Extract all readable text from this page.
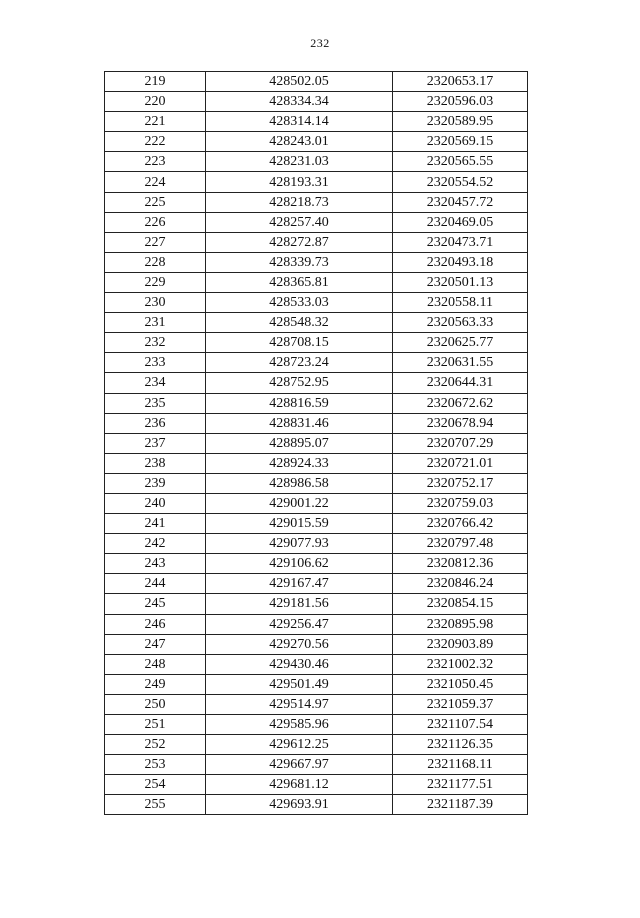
232
219	428502.05	2320653.17
220	428334.34	2320596.03
221	428314.14	2320589.95
222	428243.01	2320569.15
223	428231.03	2320565.55
224	428193.31	2320554.52
225	428218.73	2320457.72
226	428257.40	2320469.05
227	428272.87	2320473.71
228	428339.73	2320493.18
229	428365.81	2320501.13
230	428533.03	2320558.11
231	428548.32	2320563.33
232	428708.15	2320625.77
233	428723.24	2320631.55
234	428752.95	2320644.31
235	428816.59	2320672.62
236	428831.46	2320678.94
237	428895.07	2320707.29
238	428924.33	2320721.01
239	428986.58	2320752.17
240	429001.22	2320759.03
241	429015.59	2320766.42
242	429077.93	2320797.48
243	429106.62	2320812.36
244	429167.47	2320846.24
245	429181.56	2320854.15
246	429256.47	2320895.98
247	429270.56	2320903.89
248	429430.46	2321002.32
249	429501.49	2321050.45
250	429514.97	2321059.37
251	429585.96	2321107.54
252	429612.25	2321126.35
253	429667.97	2321168.11
254	429681.12	2321177.51
255	429693.91	2321187.39
